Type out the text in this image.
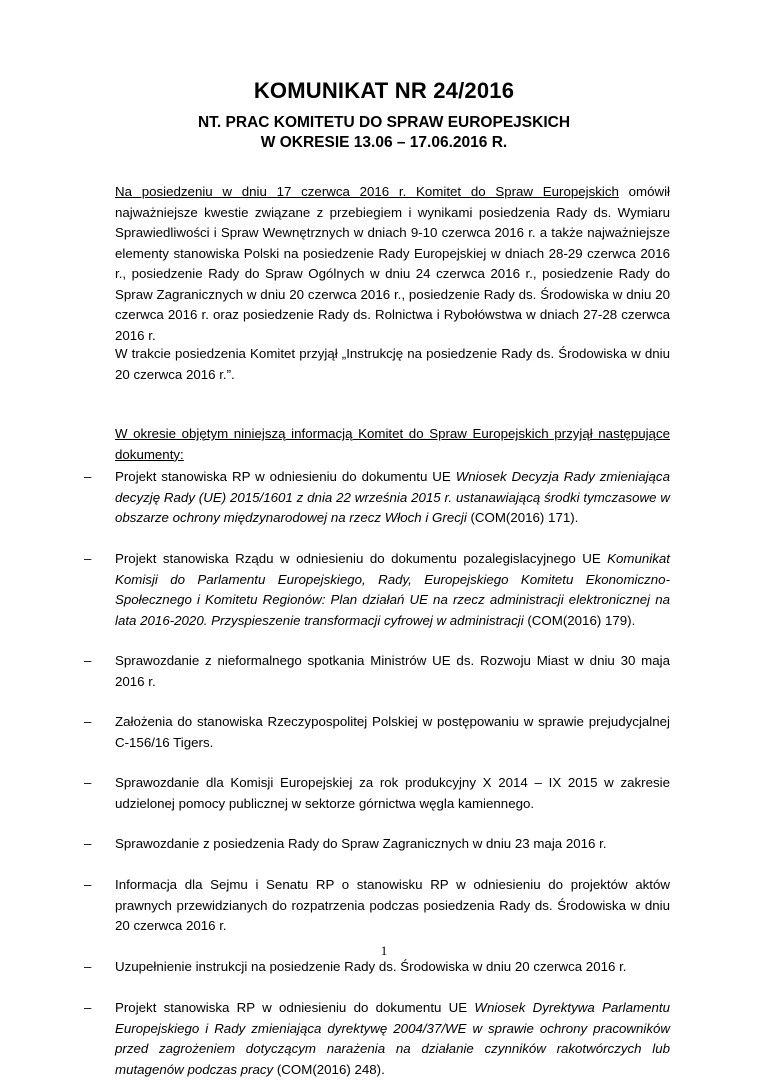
KOMUNIKAT NR 24/2016
NT. PRAC KOMITETU DO SPRAW EUROPEJSKICH
W OKRESIE 13.06 – 17.06.2016 R.
Na posiedzeniu w dniu 17 czerwca 2016 r. Komitet do Spraw Europejskich omówił najważniejsze kwestie związane z przebiegiem i wynikami posiedzenia Rady ds. Wymiaru Sprawiedliwości i Spraw Wewnętrznych w dniach 9-10 czerwca 2016 r. a także najważniejsze elementy stanowiska Polski na posiedzenie Rady Europejskiej w dniach 28-29 czerwca 2016 r., posiedzenie Rady do Spraw Ogólnych w dniu 24 czerwca 2016 r., posiedzenie Rady do Spraw Zagranicznych w dniu 20 czerwca 2016 r., posiedzenie Rady ds. Środowiska w dniu 20 czerwca 2016 r. oraz posiedzenie Rady ds. Rolnictwa i Rybołówstwa w dniach 27-28 czerwca 2016 r.
W trakcie posiedzenia Komitet przyjął „Instrukcję na posiedzenie Rady ds. Środowiska w dniu 20 czerwca 2016 r.”.
W okresie objętym niniejszą informacją Komitet do Spraw Europejskich przyjął następujące dokumenty:
–	Projekt stanowiska RP w odniesieniu do dokumentu UE Wniosek Decyzja Rady zmieniająca decyzję Rady (UE) 2015/1601 z dnia 22 września 2015 r. ustanawiającą środki tymczasowe w obszarze ochrony międzynarodowej na rzecz Włoch i Grecji (COM(2016) 171).
–	Projekt stanowiska Rządu w odniesieniu do dokumentu pozalegislacyjnego UE Komunikat Komisji do Parlamentu Europejskiego, Rady, Europejskiego Komitetu Ekonomiczno-Społecznego i Komitetu Regionów: Plan działań UE na rzecz administracji elektronicznej na lata 2016-2020. Przyspieszenie transformacji cyfrowej w administracji (COM(2016) 179).
–	Sprawozdanie z nieformalnego spotkania Ministrów UE ds. Rozwoju Miast w dniu 30 maja 2016 r.
–	Założenia do stanowiska Rzeczypospolitej Polskiej w postępowaniu w sprawie prejudycjalnej C-156/16 Tigers.
–	Sprawozdanie dla Komisji Europejskiej za rok produkcyjny X 2014 – IX 2015 w zakresie udzielonej pomocy publicznej w sektorze górnictwa węgla kamiennego.
–	Sprawozdanie z posiedzenia Rady do Spraw Zagranicznych w dniu 23 maja 2016 r.
–	Informacja dla Sejmu i Senatu RP o stanowisku RP w odniesieniu do projektów aktów prawnych przewidzianych do rozpatrzenia podczas posiedzenia Rady ds. Środowiska w dniu 20 czerwca 2016 r.
–	Uzupełnienie instrukcji na posiedzenie Rady ds. Środowiska w dniu 20 czerwca 2016 r.
–	Projekt stanowiska RP w odniesieniu do dokumentu UE Wniosek Dyrektywa Parlamentu Europejskiego i Rady zmieniająca dyrektywę 2004/37/WE w sprawie ochrony pracowników przed zagrożeniem dotyczącym narażenia na działanie czynników rakotwórczych lub mutagenów podczas pracy (COM(2016) 248).
1
